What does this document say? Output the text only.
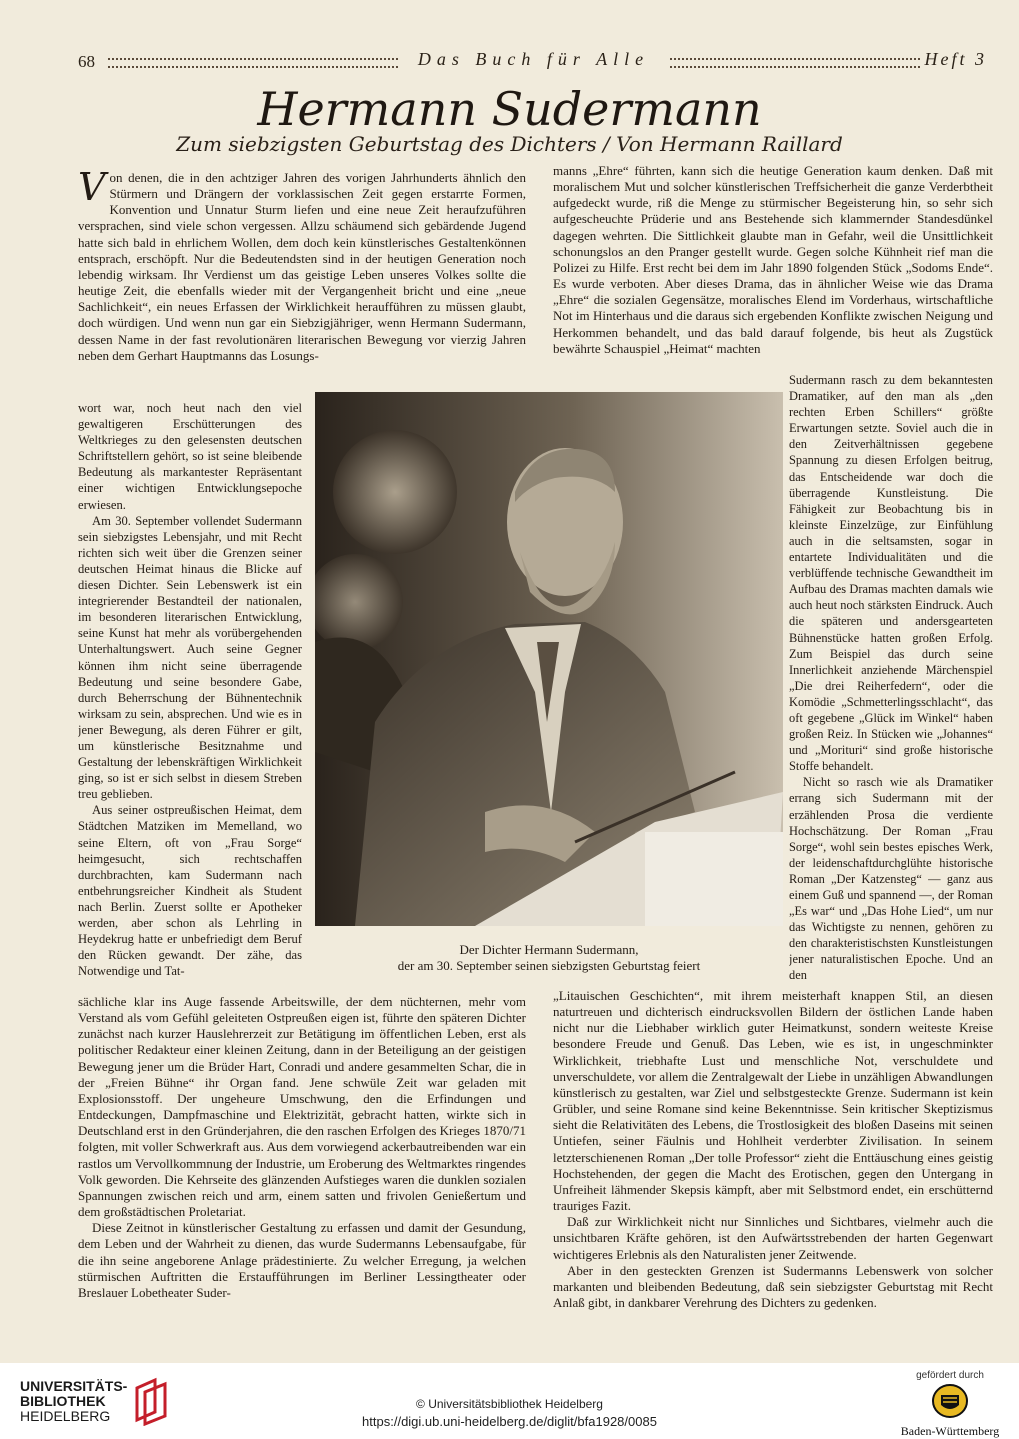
68	Das Buch für Alle	Heft 3
Hermann Sudermann
Zum siebzigsten Geburtstag des Dichters / Von Hermann Raillard

Von denen, die in den achtziger Jahren des vorigen Jahrhunderts ähnlich den Stürmern und Drängern der vorklassischen Zeit gegen erstarrte Formen, Konvention und Unnatur Sturm liefen und eine neue Zeit heraufzuführen versprachen, sind viele schon vergessen. Allzu schäumend sich gebärdende Jugend hatte sich bald in ehrlichem Wollen, dem doch kein künstlerisches Gestaltenkönnen entsprach, erschöpft. Nur die Bedeutendsten sind in der heutigen Generation noch lebendig wirksam. Ihr Verdienst um das geistige Leben unseres Volkes sollte die heutige Zeit, die ebenfalls wieder mit der Vergangenheit bricht und eine „neue Sachlichkeit“, ein neues Erfassen der Wirklichkeit heraufführen zu müssen glaubt, doch würdigen. Und wenn nun gar ein Siebzigjähriger, wenn Hermann Sudermann, dessen Name in der fast revolutionären literarischen Bewegung vor vierzig Jahren neben dem Gerhart Hauptmanns das Losungs-

wort war, noch heut nach den viel gewaltigeren Erschütterungen des Weltkrieges zu den gelesensten deutschen Schriftstellern gehört, so ist seine bleibende Bedeutung als markantester Repräsentant einer wichtigen Entwicklungsepoche erwiesen.

Am 30. September vollendet Sudermann sein siebzigstes Lebensjahr, und mit Recht richten sich weit über die Grenzen seiner deutschen Heimat hinaus die Blicke auf diesen Dichter. Sein Lebenswerk ist ein integrierender Bestandteil der nationalen, im besonderen literarischen Entwicklung, seine Kunst hat mehr als vorübergehenden Unterhaltungswert. Auch seine Gegner können ihm nicht seine überragende Bedeutung und seine besondere Gabe, durch Beherrschung der Bühnentechnik wirksam zu sein, absprechen. Und wie es in jener Bewegung, als deren Führer er gilt, um künstlerische Besitznahme und Gestaltung der lebenskräftigen Wirklichkeit ging, so ist er sich selbst in diesem Streben treu geblieben.

Aus seiner ostpreußischen Heimat, dem Städtchen Matziken im Memelland, wo seine Eltern, oft von „Frau Sorge“ heimgesucht, sich rechtschaffen durchbrachten, kam Sudermann nach entbehrungsreicher Kindheit als Student nach Berlin. Zuerst sollte er Apotheker werden, aber schon als Lehrling in Heydekrug hatte er unbefriedigt dem Beruf den Rücken gewandt. Der zähe, das Notwendige und Tat-

sächliche klar ins Auge fassende Arbeitswille, der dem nüchternen, mehr vom Verstand als vom Gefühl geleiteten Ostpreußen eigen ist, führte den späteren Dichter zunächst nach kurzer Hauslehrerzeit zur Betätigung im öffentlichen Leben, erst als politischer Redakteur einer kleinen Zeitung, dann in der Beteiligung an der geistigen Bewegung jener um die Brüder Hart, Conradi und andere gesammelten Schar, die in der „Freien Bühne“ ihr Organ fand. Jene schwüle Zeit war geladen mit Explosionsstoff. Der ungeheure Umschwung, den die Erfindungen und Entdeckungen, Dampfmaschine und Elektrizität, gebracht hatten, wirkte sich in Deutschland erst in den Gründerjahren, die den raschen Erfolgen des Krieges 1870/71 folgten, mit voller Schwerkraft aus. Aus dem vorwiegend ackerbautreibenden war ein rastlos um Vervollkommnung der Industrie, um Eroberung des Weltmarktes ringendes Volk geworden. Die Kehrseite des glänzenden Aufstieges waren die dunklen sozialen Spannungen zwischen reich und arm, einem satten und frivolen Genießertum und dem großstädtischen Proletariat.

Diese Zeitnot in künstlerischer Gestaltung zu erfassen und damit der Gesundung, dem Leben und der Wahrheit zu dienen, das wurde Sudermanns Lebensaufgabe, für die ihn seine angeborene Anlage prädestinierte. Zu welcher Erregung, ja welchen stürmischen Auftritten die Erstaufführungen im Berliner Lessingtheater oder Breslauer Lobetheater Suder-

manns „Ehre“ führten, kann sich die heutige Generation kaum denken. Daß mit moralischem Mut und solcher künstlerischen Treffsicherheit die ganze Verderbtheit aufgedeckt wurde, riß die Menge zu stürmischer Begeisterung hin, so sehr sich aufgescheuchte Prüderie und ans Bestehende sich klammernder Standesdünkel dagegen wehrten. Die Sittlichkeit glaubte man in Gefahr, weil die Unsittlichkeit schonungslos an den Pranger gestellt wurde. Gegen solche Kühnheit rief man die Polizei zu Hilfe. Erst recht bei dem im Jahr 1890 folgenden Stück „Sodoms Ende“. Es wurde verboten. Aber dieses Drama, das in ähnlicher Weise wie das Drama „Ehre“ die sozialen Gegensätze, moralisches Elend im Vorderhaus, wirtschaftliche Not im Hinterhaus und die daraus sich ergebenden Konflikte zwischen Neigung und Herkommen behandelt, und das bald darauf folgende, bis heut als Zugstück bewährte Schauspiel „Heimat“ machten

Sudermann rasch zu dem bekanntesten Dramatiker, auf den man als „den rechten Erben Schillers“ größte Erwartungen setzte. Soviel auch die in den Zeitverhältnissen gegebene Spannung zu diesen Erfolgen beitrug, das Entscheidende war doch die überragende Kunstleistung. Die Fähigkeit zur Beobachtung bis in kleinste Einzelzüge, zur Einfühlung auch in die seltsamsten, sogar in entartete Individualitäten und die verblüffende technische Gewandtheit im Aufbau des Dramas machten damals wie auch heut noch stärksten Eindruck. Auch die späteren und andersgearteten Bühnenstücke hatten großen Erfolg. Zum Beispiel das durch seine Innerlichkeit anziehende Märchenspiel „Die drei Reiherfedern“, oder die Komödie „Schmetterlingsschlacht“, das oft gegebene „Glück im Winkel“ haben großen Reiz. In Stücken wie „Johannes“ und „Morituri“ sind große historische Stoffe behandelt.

Nicht so rasch wie als Dramatiker errang sich Sudermann mit der erzählenden Prosa die verdiente Hochschätzung. Der Roman „Frau Sorge“, wohl sein bestes episches Werk, der leidenschaftdurchglühte historische Roman „Der Katzensteg“ — ganz aus einem Guß und spannend —, der Roman „Es war“ und „Das Hohe Lied“, um nur das Wichtigste zu nennen, gehören zu den charakteristischsten Kunstleistungen jener naturalistischen Epoche. Und an den

„Litauischen Geschichten“, mit ihrem meisterhaft knappen Stil, an diesen naturtreuen und dichterisch eindrucksvollen Bildern der östlichen Lande haben nicht nur die Liebhaber wirklich guter Heimatkunst, sondern weiteste Kreise besondere Freude und Genuß. Das Leben, wie es ist, in ungeschminkter Wirklichkeit, triebhafte Lust und menschliche Not, verschuldete und unverschuldete, vor allem die Zentralgewalt der Liebe in unzähligen Abwandlungen künstlerisch zu gestalten, war Ziel und selbstgesteckte Grenze. Sudermann ist kein Grübler, und seine Romane sind keine Bekenntnisse. Sein kritischer Skeptizismus sieht die Relativitäten des Lebens, die Trostlosigkeit des bloßen Daseins mit seinen Untiefen, seiner Fäulnis und Hohlheit verderbter Zivilisation. In seinem letzterschienenen Roman „Der tolle Professor“ zieht die Enttäuschung eines geistig Hochstehenden, der gegen die Macht des Erotischen, gegen den Untergang in Unfreiheit lähmender Skepsis kämpft, aber mit Selbstmord endet, ein erschütternd trauriges Fazit.

Daß zur Wirklichkeit nicht nur Sinnliches und Sichtbares, vielmehr auch die unsichtbaren Kräfte gehören, ist den Aufwärtsstrebenden der harten Gegenwart wichtigeres Erlebnis als den Naturalisten jener Zeitwende.

Aber in den gesteckten Grenzen ist Sudermanns Lebenswerk von solcher markanten und bleibenden Bedeutung, daß sein siebzigster Geburtstag mit Recht Anlaß gibt, in dankbarer Verehrung des Dichters zu gedenken.

Der Dichter Hermann Sudermann,
der am 30. September seinen siebzigsten Geburtstag feiert
UNIVERSITÄTS-
BIBLIOTHEK
HEIDELBERG
© Universitätsbibliothek Heidelberg
https://digi.ub.uni-heidelberg.de/diglit/bfa1928/0085
gefördert durch
Baden-Württemberg
